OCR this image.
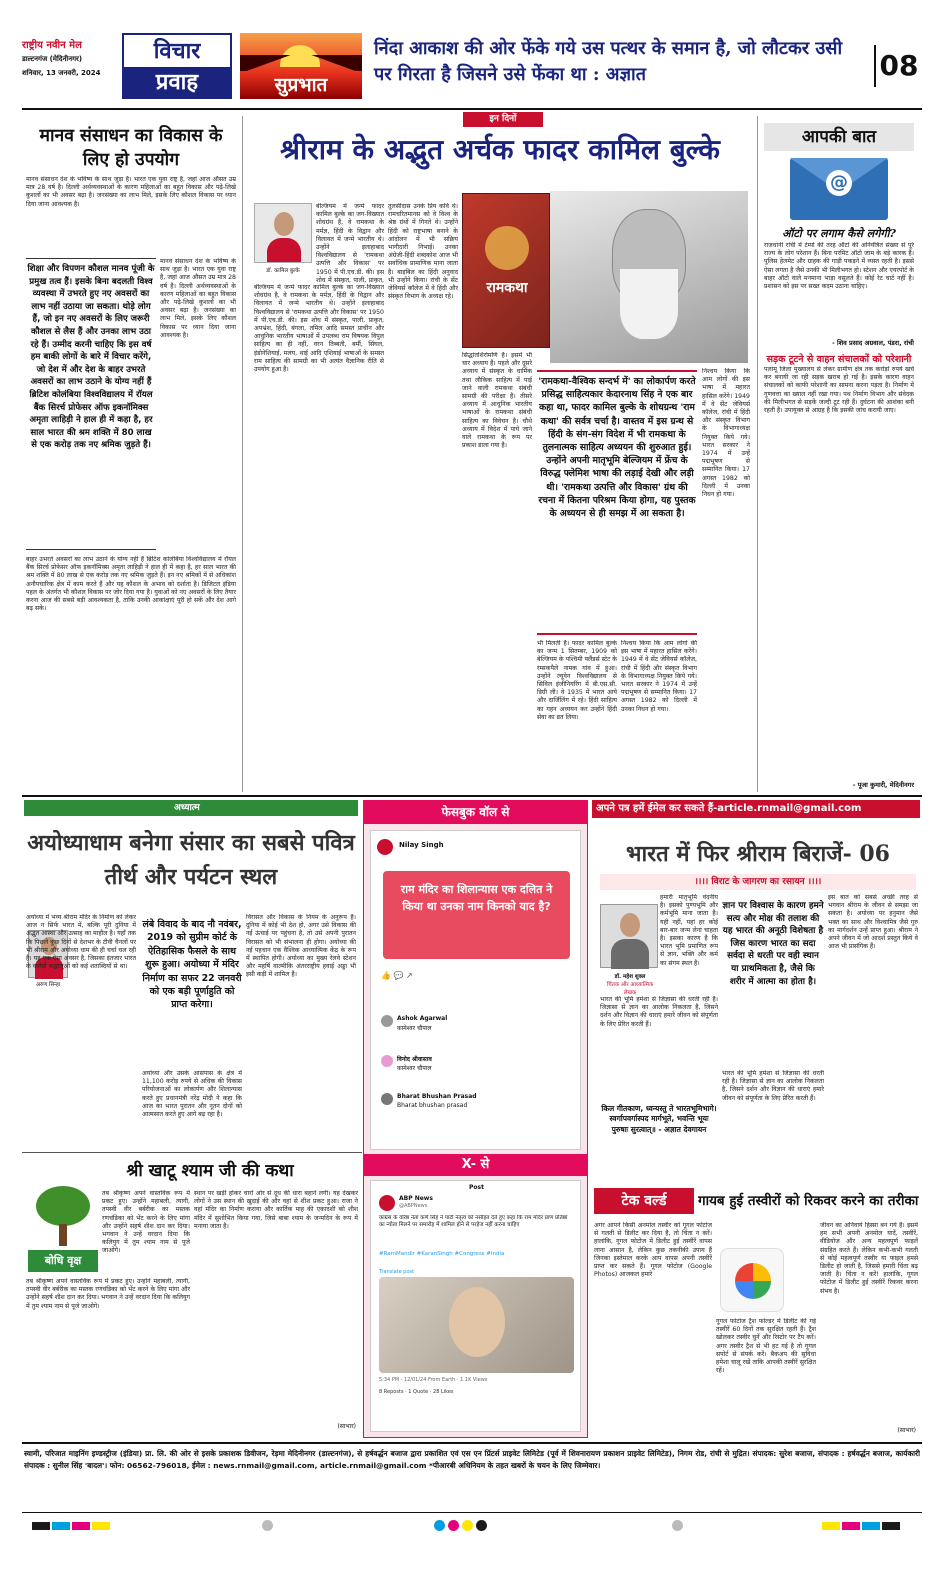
राष्ट्रीय नवीन मेल
डाल्टनगंज (मेदिनीनगर)
शनिवार, 13 जनवरी, 2024
विचार
प्रवाह	सुप्रभात
निंदा आकाश की ओर फेंके गये उस पत्थर के समान है, जो लौटकर उसी पर गिरता है जिसने उसे फेंका था : अज्ञात	08
मानव संसाधन का विकास के लिए हो उपयोग
मानव संसाधन देश के भविष्य के साथ जुड़ा है। भारत एक युवा राष्ट्र है, जहां आज औसत उम्र मात्र 28 वर्ष है। दिल्ली अर्थव्यवस्थाओं के कारण महिलाओं का बहुत विकास और पढ़े-लिखे कुशलों का भी अवसर बढ़ा है। जनसंख्या का लाभ मिले, इसके लिए कौशल विकास पर ध्यान दिया जाना आवश्यक है।
शिक्षा और विपणन कौशल मानव पूंजी के प्रमुख तत्व हैं। इसके बिना बदलती विश्व व्यवस्था में उभरते हुए नए अवसरों का लाभ नहीं उठाया जा सकता। थोड़े लोग हैं, जो इन नए अवसरों के लिए जरूरी कौशल से लैस हैं और उनका लाभ उठा रहे हैं। उम्मीद करनी चाहिए कि इस वर्ष हम बाकी लोगों के बारे में विचार करेंगे, जो देश में और देश के बाहर उभरते अवसरों का लाभ उठाने के योग्य नहीं हैं ब्रिटिश कोलंबिया विश्वविद्यालय में रॉयल बैंक सिरर्च प्रोफेसर ऑफ इकनॉमिक्स अमृता लाहिड़ी ने हाल ही में कहा है, हर साल भारत की श्रम शक्ति में 80 लाख से एक करोड़ तक नए श्रमिक जुड़ते हैं।
मानव संसाधन देश के भविष्य के साथ जुड़ा है। भारत एक युवा राष्ट्र है, जहां आज औसत उम्र मात्र 28 वर्ष है। दिल्ली अर्थव्यवस्थाओं के कारण महिलाओं का बहुत विकास और पढ़े-लिखे कुशलों का भी अवसर बढ़ा है। जनसंख्या का लाभ मिले, इसके लिए कौशल विकास पर ध्यान दिया जाना आवश्यक है।
बाहर उभरते अवसरों का लाभ उठाने के योग्य नहीं हैं ब्रिटिश कोलंबिया विश्वविद्यालय में रॉयल बैंक सिरर्च प्रोफेसर ऑफ इकनॉमिक्स अमृता लाहिड़ी ने हाल ही में कहा है, हर साल भारत की श्रम शक्ति में 80 लाख से एक करोड़ तक नए श्रमिक जुड़ते हैं। इन नए श्रमिकों में से अधिकांश अनौपचारिक क्षेत्र में काम करते हैं और यह कौशल के अभाव को दर्शाता है। डिजिटल इंडिया पहल के अंतर्गत भी कौशल विकास पर जोर दिया गया है। युवाओं को नए अवसरों के लिए तैयार करना आज की सबसे बड़ी आवश्यकता है, ताकि उनकी आकांक्षाएं पूरी हो सकें और देश आगे बढ़ सके।
इन दिनों
श्रीराम के अद्भुत अर्चक फादर कामिल बुल्के
डॉ. कामिल बुल्के
बेल्जियम में जन्मे फादर कामिल बुल्के का जग-विख्यात शोधग्रंथ है, वे रामकथा के मर्मज्ञ, हिंदी के विद्वान और विलायत में जन्मे भारतीय थे। उन्होंने इलाहाबाद विश्वविद्यालय से 'रामकथा उत्पत्ति और विकास' पर 1950 में पी.एच.डी. की। इस शोध में संस्कृत, पाली, प्राकृत,
बेल्जियम में जन्मे फादर कामिल बुल्के का जग-विख्यात शोधग्रंथ है, वे रामकथा के मर्मज्ञ, हिंदी के विद्वान और विलायत में जन्मे भारतीय थे। उन्होंने इलाहाबाद विश्वविद्यालय से 'रामकथा उत्पत्ति और विकास' पर 1950 में पी.एच.डी. की। इस शोध में संस्कृत, पाली, प्राकृत, अपभ्रंश, हिंदी, बंगला, तमिल आदि समस्त प्राचीन और आधुनिक भारतीय भाषाओं में उपलब्ध राम विषयक विपुल साहित्य का ही नहीं, वरन तिब्बती, बर्मी, सिंघल, इंडोनेशियाई, मलय, थाई आदि एशियाई भाषाओं के समस्त राम साहित्य की सामग्री का भी अत्यंत वैज्ञानिक रीति से उपयोग हुआ है।
तुलसीदास उनके प्रिय कवि थे। रामचरितमानस को वे विश्व के श्रेष्ठ ग्रंथों में गिनते थे। उन्होंने हिंदी को राष्ट्रभाषा बनाने के आंदोलन में भी सक्रिय भागीदारी निभाई। उनका अंग्रेजी-हिंदी शब्दकोश आज भी सर्वाधिक प्रामाणिक माना जाता है। बाइबिल का हिंदी अनुवाद भी उन्होंने किया। रांची के सेंट जेवियर्स कॉलेज में वे हिंदी और संस्कृत विभाग के अध्यक्ष रहे।
रामकथा
सिद्धांतशिरोमणि है। इसमें भी चार अध्याय हैं। पहले और दूसरे अध्याय में संस्कृत के धार्मिक तथा लौकिक साहित्य में पाई जाने वाली रामकथा संबंधी सामग्री की परीक्षा है। तीसरे अध्याय में आधुनिक भारतीय भाषाओं के रामकथा संबंधी साहित्य का विवेचन है। चौथे अध्याय में विदेश में पाये जाने वाले रामकथा के रूप पर प्रकाश डाला गया है।
'रामकथा-वैश्विक सन्दर्भ में' का लोकार्पण करते प्रसिद्ध साहित्यकार केदारनाथ सिंह ने एक बार कहा था, फादर कामिल बुल्के के शोधग्रन्थ 'राम कथा' की सर्वत्र चर्चा है। वास्तव में इस ग्रन्थ से हिंदी के संग-संग विदेश में भी रामकथा के तुलनात्मक साहित्य अध्ययन की शुरुआत हुई। उन्होंने अपनी मातृभूमि बेल्जियम में फ्रेंच के विरुद्ध फ्लेमिश भाषा की लड़ाई देखी और लड़ी थी। 'रामकथा उत्पत्ति और विकास' ग्रंथ की रचना में कितना परिश्रम किया होगा, यह पुस्तक के अध्ययन से ही समझ में आ सकता है।
भी मिलती है। फादर कामिल बुल्के का जन्म 1 सितम्बर, 1909 को बेल्जियम के पश्चिमी फ्लैंडर्स स्टेट के रम्सकपैले नामक गांव में हुआ। उन्होंने ल्यूवेन विश्वविद्यालय से सिविल इंजीनियरिंग में बी.एस.सी. डिग्री ली। वे 1935 में भारत आये और दार्जिलिंग में रहे। हिंदी साहित्य का गहन अध्ययन कर उन्होंने हिंदी सेवा का व्रत लिया।
निश्चय किया कि आम लोगों की इस भाषा में महारत हासिल करेंगे। 1949 में वे सेंट जेवियर्स कॉलेज, रांची में हिंदी और संस्कृत विभाग के विभागाध्यक्ष नियुक्त किये गये। भारत सरकार ने 1974 में उन्हें पद्मभूषण से सम्मानित किया। 17 अगस्त 1982 को दिल्ली में उनका निधन हो गया।
निश्चय किया कि आम लोगों की इस भाषा में महारत हासिल करेंगे। 1949 में वे सेंट जेवियर्स कॉलेज, रांची में हिंदी और संस्कृत विभाग के विभागाध्यक्ष नियुक्त किये गये। भारत सरकार ने 1974 में उन्हें पद्मभूषण से सम्मानित किया। 17 अगस्त 1982 को दिल्ली में उनका निधन हो गया।
आपकी बात
@
ऑटो पर लगाम कैसे लगेगी?
राजधानी रांची में टेम्पो की तरह ऑटो की अनियंत्रित संख्या से पूरे राज्य के लोग परेशान हैं। बिना परमिट ऑटो जाम के बड़े कारक हैं। पुलिस हेलमेट और ग्राहक की गाड़ी पकड़ने में व्यस्त रहती है। इससे ऐसा लगता है जैसे उनकी भी मिलीभगत हो। स्टेशन और एयरपोर्ट के बाहर ऑटो वाले मनमाना भाड़ा वसूलते हैं। कोई रेट चार्ट नहीं है। प्रशासन को इस पर सख्त कदम उठाना चाहिए।
- शिव प्रसाद अग्रवाल, पंडरा, रांची
सड़क टूटने से वाहन संचालकों को परेशानी
पलामू जिला मुख्यालय से लेकर ग्रामीण क्षेत्र तक करोड़ों रुपये खर्च कर बनायी जा रही सड़क खराब हो गई है। इसके कारण वाहन संचालकों को काफी परेशानी का सामना करना पड़ता है। निर्माण में गुणवत्ता का ख्याल नहीं रखा गया। पथ निर्माण विभाग और संवेदक की मिलीभगत से सड़कें जल्दी टूट रही हैं। दुर्घटना की आशंका बनी रहती है। उपायुक्त से आग्रह है कि इसकी जांच करायी जाए।
- पूजा कुमारी, मेदिनीनगर
अध्यात्म
अयोध्याधाम बनेगा संसार का सबसे पवित्र तीर्थ और पर्यटन स्थल
अरुण सिन्हा
अयोध्या में भव्य श्रीराम मंदिर के निर्माण को लेकर आज न सिर्फ भारत में, बल्कि पूरी दुनिया में अद्भुत आस्था और उत्साह का माहौल है। यहाँ तक कि पिछले कुछ दिनों से देशभर के टीवी चैनलों पर भी श्रीराम और अयोध्या धाम की ही चर्चा चल रही है। यह एक ऐसा अवसर है, जिसका इंतजार भारत के करोड़ों श्रद्धालुओं को कई शताब्दियों से था।
लंबे विवाद के बाद नौ नवंबर, 2019 को सुप्रीम कोर्ट के ऐतिहासिक फैसले के साथ शुरू हुआ। अयोध्या में मंदिर निर्माण का सफर 22 जनवरी को एक बड़ी पूर्णाहुति को प्राप्त करेगा।
अयोध्या और उसके आसपास के क्षेत्र में 11,100 करोड़ रुपये से अधिक की विकास परियोजनाओं का लोकार्पण और शिलान्यास करते हुए प्रधानमंत्री नरेंद्र मोदी ने कहा कि आज का भारत पुरातन और नूतन दोनों को आत्मसात करते हुए आगे बढ़ रहा है।
विरासत और विकास के नियम के अनुरूप है। दुनिया में कोई भी देश हो, अगर उसे विकास की नई ऊंचाई पर पहुंचना है, तो उसे अपनी पुरातन विरासत को भी संभालना ही होगा। अयोध्या की नई पहचान एक वैश्विक आध्यात्मिक केंद्र के रूप में स्थापित होगी। अयोध्या का मुख्य रेलवे स्टेशन और महर्षि वाल्मीकि अंतरराष्ट्रीय हवाई अड्डा भी इसी कड़ी में शामिल है।
श्री खाटू श्याम जी की कथा
बोधि वृक्ष
तब श्रीकृष्ण अपने वास्तविक रूप में प्रकट हुए। उन्होंने महाबली, त्यागी, तपस्वी वीर बर्बरीक का मस्तक रणचंडिका को भेंट करने के लिए मांगा और उन्होंने सहर्ष शीश दान कर दिया। भगवान ने उन्हें वरदान दिया कि कलियुग में तुम श्याम नाम से पूजे जाओगे।
तब श्रीकृष्ण अपने वास्तविक रूप में प्रकट हुए। उन्होंने महाबली, त्यागी, तपस्वी वीर बर्बरीक का मस्तक रणचंडिका को भेंट करने के लिए मांगा और उन्होंने सहर्ष शीश दान कर दिया। भगवान ने उन्हें वरदान दिया कि कलियुग में तुम श्याम नाम से पूजे जाओगे।
स्थान पर खड़ी होकर चारों ओर से दूध की धारा बहाने लगी। यह देखकर लोगों ने उस स्थान की खुदाई की और वहां से शीश प्रकट हुआ। राजा ने वहां मंदिर का निर्माण कराया और कार्तिक माह की एकादशी को शीश मंदिर में सुशोभित किया गया, जिसे बाबा श्याम के जन्मदिन के रूप में मनाया जाता है।
(साभार)
फेसबुक वॉल से
Nilay Singh
राम मंदिर का शिलान्यास एक दलित ने किया था उनका नाम किनको याद है?
👍 💬 ↗
Ashok Agarwal
कामेश्वर चौपाल
विनोद श्रीवास्तव
कामेश्वर चौपाल
Bharat Bhushan Prasad
Bharat bhushan prasad
X- से
Post
ABP News
@ABPNews
कांग्रेस के वरिष्ठ नेता कर्ण सिंह ने पार्टी नेतृत्व को नसीहत देते हुए कहा कि राम मंदिर प्राण प्रतिष्ठा का न्योता मिलने पर समारोह में शामिल होने से परहेज नहीं करना चाहिए
#RamMandir #KaranSingh #Congress #India
Translate post
5:34 PM · 12/01/24 From Earth · 1.1K Views
8 Reposts · 1 Quote · 28 Likes
अपने पत्र हमें ईमेल कर सकते हैं-article.rnmail@gmail.com
भारत में फिर श्रीराम बिराजें- 06
।।।। विराट के जागरण का रसायन ।।।।
डॉ. महेश शुक्ल
चिंतक और आध्यात्मिक लेखक
हमारी मातृभूमि वंदनीय है। इसको पुण्यभूमि और कर्मभूमि माना जाता है। यही नहीं, यहां हर कोई बार-बार जन्म लेना चाहता है। इसका कारण है कि भारत भूमि प्रमाणित रूप से ज्ञान, भक्ति और कर्म का संगम स्थल है।
ज्ञान पर विश्वास के कारण हमने सत्य और मोक्ष की तलाश की यह भारत की अनूठी विशेषता है जिस कारण भारत का सदा सर्वदा से धरती पर वही स्थान या प्राथमिकता है, जैसे कि शरीर में आत्मा का होता है।
भारत की भूमि हमेशा से जिज्ञासा की धरती रही है। जिज्ञासा से ज्ञान का आलोक निकलता है, जिसने दर्शन और विज्ञान की धाराएं हमारे जीवन को संपूर्णता के लिए प्रेरित करती हैं।
भारत की भूमि हमेशा से जिज्ञासा की धरती रही है। जिज्ञासा से ज्ञान का आलोक निकलता है, जिसने दर्शन और विज्ञान की धाराएं हमारे जीवन को संपूर्णता के लिए प्रेरित करती हैं।
किल गीतकाण, ध्वन्यस्तु ते भारतभूमिभागे। स्वर्गापवर्गास्पद मार्गभूते, भवन्ति भूयः पुरुषाः सुरत्वात्॥ - अज्ञात देवगायन
इस बात को सबसे अच्छी तरह से भगवान श्रीराम के जीवन से समझा जा सकता है। अयोध्या पर हनुमान जैसे भक्त का साथ और विश्वामित्र जैसे गुरु का मार्गदर्शन उन्हें प्राप्त हुआ। श्रीराम ने अपने जीवन में जो आदर्श प्रस्तुत किये वे आज भी प्रासंगिक हैं।
टेक वर्ल्ड	गायब हुई तस्वीरों को रिकवर करने का तरीका
अगर आपने किसी अनमोल तस्वीर को गूगल फोटोज से गलती से डिलीट कर दिया है, तो चिंता न करें। हालांकि, गूगल फोटोज में डिलीट हुई तस्वीरें वापस लाना आसान है, लेकिन कुछ तकनीकी उपाय हैं जिनका इस्तेमाल करके आप वापस अपनी तस्वीरें प्राप्त कर सकते हैं। गूगल फोटोज (Google Photos) आजकल हमारे
गूगल फोटोज ट्रैश फोल्डर में डिलीट की गई तस्वीरें 60 दिनों तक सुरक्षित रहती हैं। ट्रैश खोलकर तस्वीर चुनें और रिस्टोर पर टैप करें। अगर तस्वीर ट्रैश से भी हट गई है तो गूगल सपोर्ट से संपर्क करें। बैकअप की सुविधा हमेशा चालू रखें ताकि आपकी तस्वीरें सुरक्षित रहें।
जीवन का अनिवार्य हिस्सा बन गये हैं। इसमें हम सभी अपनी अनमोल यादें, तस्वीरें, वीडियोज और अन्य महत्वपूर्ण फाइलें संग्रहित करते हैं। लेकिन कभी-कभी गलती से कोई महत्वपूर्ण तस्वीर या फाइल हमसे डिलीट हो जाती है, जिससे हमारी चिंता बढ़ जाती है। चिंता न करें! हालांकि, गूगल फोटोज में डिलीट हुई तस्वीरें रिकवर करना संभव है।
(साभार)
स्वामी, परिजात माइनिंग इण्डस्ट्रीज (इंडिया) प्रा. लि. की ओर से इसके प्रकाशक डिवीजन, रेड़मा मेदिनीनगर (डाल्टनगंज), से हर्षवर्द्धन बजाज द्वारा प्रकाशित एवं एस एन प्रिंटर्स प्राइवेट लिमिटेड (पूर्व में शिवनारायण प्रकाशन प्राइवेट लिमिटेड), निगम रोड, रांची से मुद्रित। संपादक: सुरेश बजाज, संपादक : हर्षवर्द्धन बजाज, कार्यकारी संपादक : सुनील सिंह 'बादल'। फोन: 06562-796018, ईमेल : news.rnmail@gmail.com, article.rnmail@gmail.com *पीआरबी अधिनियम के तहत खबरों के चयन के लिए जिम्मेवार।
